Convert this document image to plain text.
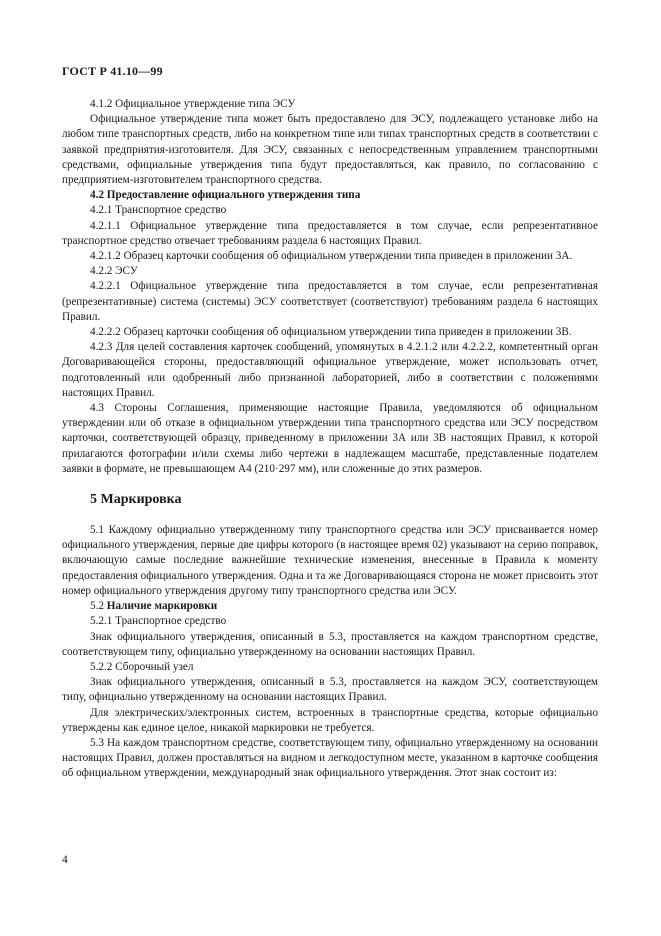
ГОСТ Р 41.10—99

4.1.2 Официальное утверждение типа ЭСУ

Официальное утверждение типа может быть предоставлено для ЭСУ, подлежащего установке либо на любом типе транспортных средств, либо на конкретном типе или типах транспортных средств в соответствии с заявкой предприятия-изготовителя. Для ЭСУ, связанных с непосредственным управлением транспортными средствами, официальные утверждения типа будут предоставляться, как правило, по согласованию с предприятием-изготовителем транспортного средства.

4.2 Предоставление официального утверждения типа

4.2.1 Транспортное средство

4.2.1.1 Официальное утверждение типа предоставляется в том случае, если репрезентативное транспортное средство отвечает требованиям раздела 6 настоящих Правил.

4.2.1.2 Образец карточки сообщения об официальном утверждении типа приведен в приложении 3А.

4.2.2 ЭСУ

4.2.2.1 Официальное утверждение типа предоставляется в том случае, если репрезентативная (репрезентативные) система (системы) ЭСУ соответствует (соответствуют) требованиям раздела 6 настоящих Правил.

4.2.2.2 Образец карточки сообщения об официальном утверждении типа приведен в приложении 3В.

4.2.3 Для целей составления карточек сообщений, упомянутых в 4.2.1.2 или 4.2.2.2, компетентный орган Договаривающейся стороны, предоставляющий официальное утверждение, может использовать отчет, подготовленный или одобренный либо признанной лабораторией, либо в соответствии с положениями настоящих Правил.

4.3 Стороны Соглашения, применяющие настоящие Правила, уведомляются об официальном утверждении или об отказе в официальном утверждении типа транспортного средства или ЭСУ посредством карточки, соответствующей образцу, приведенному в приложении 3А или 3В настоящих Правил, к которой прилагаются фотографии и/или схемы либо чертежи в надлежащем масштабе, представленные подателем заявки в формате, не превышающем А4 (210·297 мм), или сложенные до этих размеров.

5 Маркировка

5.1 Каждому официально утвержденному типу транспортного средства или ЭСУ присваивается номер официального утверждения, первые две цифры которого (в настоящее время 02) указывают на серию поправок, включающую самые последние важнейшие технические изменения, внесенные в Правила к моменту предоставления официального утверждения. Одна и та же Договаривающаяся сторона не может присвоить этот номер официального утверждения другому типу транспортного средства или ЭСУ.

5.2 Наличие маркировки

5.2.1 Транспортное средство

Знак официального утверждения, описанный в 5.3, проставляется на каждом транспортном средстве, соответствующем типу, официально утвержденному на основании настоящих Правил.

5.2.2 Сборочный узел

Знак официального утверждения, описанный в 5.3, проставляется на каждом ЭСУ, соответствующем типу, официально утвержденному на основании настоящих Правил.

Для электрических/электронных систем, встроенных в транспортные средства, которые официально утверждены как единое целое, никакой маркировки не требуется.

5.3 На каждом транспортном средстве, соответствующем типу, официально утвержденному на основании настоящих Правил, должен проставляться на видном и легкодоступном месте, указанном в карточке сообщения об официальном утверждении, международный знак официального утверждения. Этот знак состоит из:

4
